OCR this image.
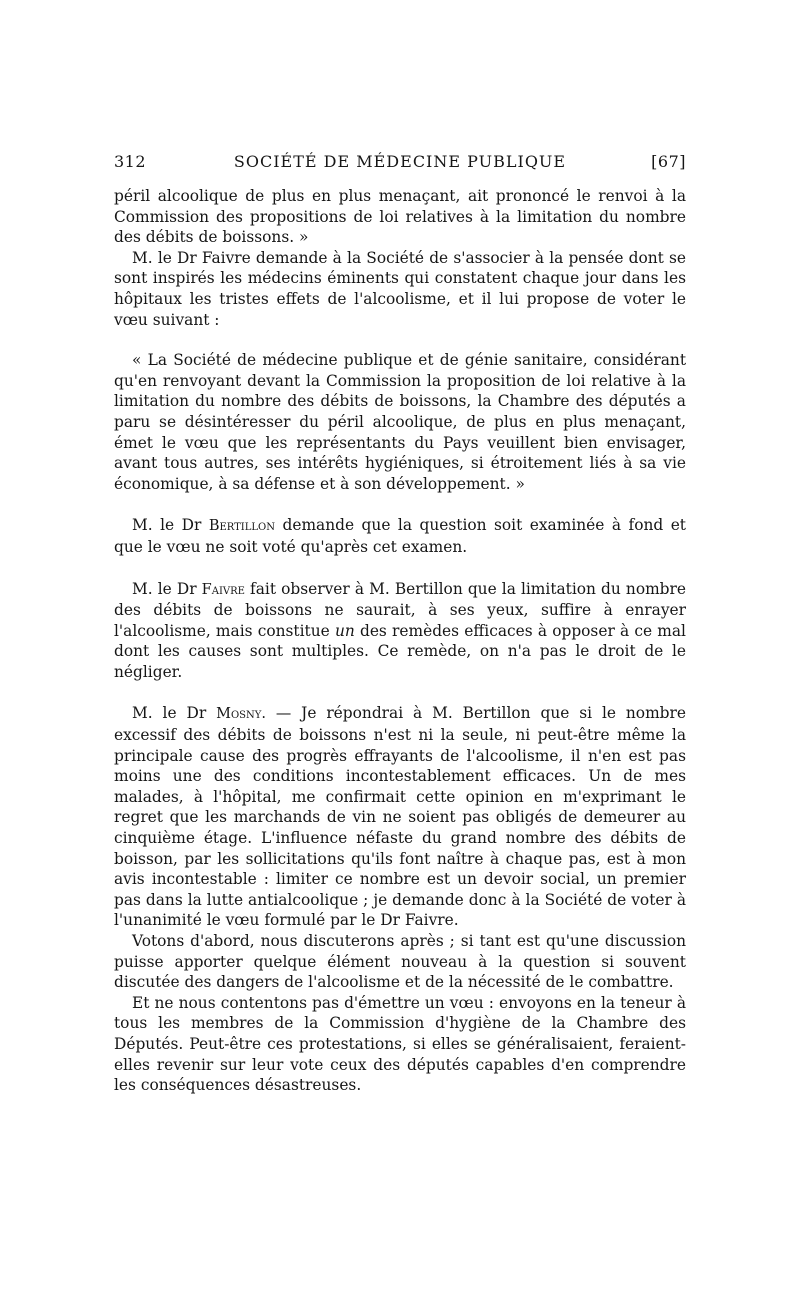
312	SOCIÉTÉ DE MÉDECINE PUBLIQUE	[67]

péril alcoolique de plus en plus menaçant, ait prononcé le renvoi à la Commission des propositions de loi relatives à la limitation du nombre des débits de boissons. »

M. le Dr Faivre demande à la Société de s'associer à la pensée dont se sont inspirés les médecins éminents qui constatent chaque jour dans les hôpitaux les tristes effets de l'alcoolisme, et il lui propose de voter le vœu suivant :

« La Société de médecine publique et de génie sanitaire, considérant qu'en renvoyant devant la Commission la proposition de loi relative à la limitation du nombre des débits de boissons, la Chambre des députés a paru se désintéresser du péril alcoolique, de plus en plus menaçant, émet le vœu que les représentants du Pays veuillent bien envisager, avant tous autres, ses intérêts hygiéniques, si étroitement liés à sa vie économique, à sa défense et à son développement. »

M. le Dr Bertillon demande que la question soit examinée à fond et que le vœu ne soit voté qu'après cet examen.

M. le Dr Faivre fait observer à M. Bertillon que la limitation du nombre des débits de boissons ne saurait, à ses yeux, suffire à enrayer l'alcoolisme, mais constitue un des remèdes efficaces à opposer à ce mal dont les causes sont multiples. Ce remède, on n'a pas le droit de le négliger.

M. le Dr Mosny. — Je répondrai à M. Bertillon que si le nombre excessif des débits de boissons n'est ni la seule, ni peut-être même la principale cause des progrès effrayants de l'alcoolisme, il n'en est pas moins une des conditions incontestablement efficaces. Un de mes malades, à l'hôpital, me confirmait cette opinion en m'exprimant le regret que les marchands de vin ne soient pas obligés de demeurer au cinquième étage. L'influence néfaste du grand nombre des débits de boisson, par les sollicitations qu'ils font naître à chaque pas, est à mon avis incontestable : limiter ce nombre est un devoir social, un premier pas dans la lutte antialcoolique ; je demande donc à la Société de voter à l'unanimité le vœu formulé par le Dr Faivre.

Votons d'abord, nous discuterons après ; si tant est qu'une discussion puisse apporter quelque élément nouveau à la question si souvent discutée des dangers de l'alcoolisme et de la nécessité de le combattre.

Et ne nous contentons pas d'émettre un vœu : envoyons en la teneur à tous les membres de la Commission d'hygiène de la Chambre des Députés. Peut-être ces protestations, si elles se généralisaient, feraient-elles revenir sur leur vote ceux des députés capables d'en comprendre les conséquences désastreuses.
